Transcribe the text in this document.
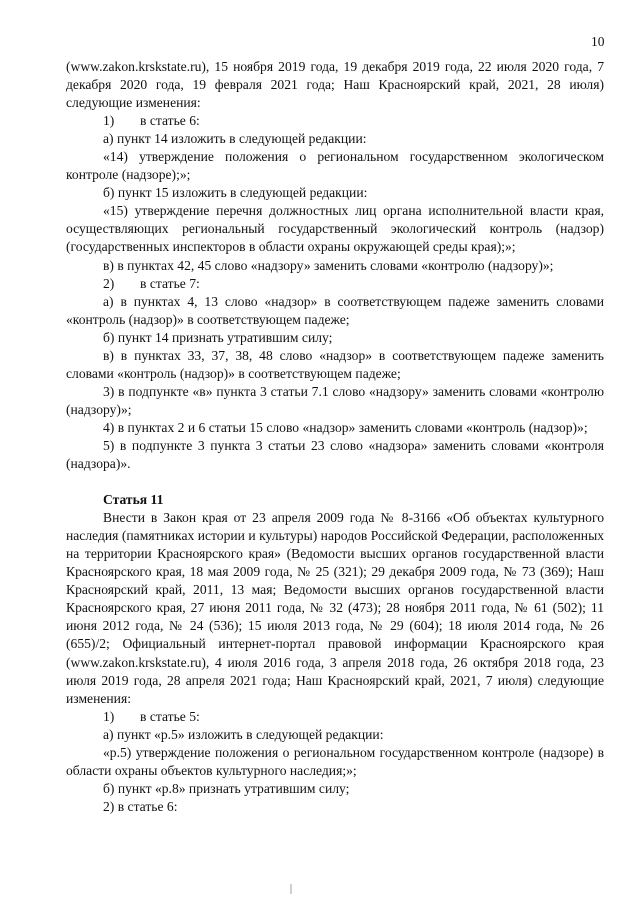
10

(www.zakon.krskstate.ru), 15 ноября 2019 года, 19 декабря 2019 года, 22 июля 2020 года, 7 декабря 2020 года, 19 февраля 2021 года; Наш Красноярский край, 2021, 28 июля) следующие изменения:

1) в статье 6:

а) пункт 14 изложить в следующей редакции:

«14) утверждение положения о региональном государственном экологическом контроле (надзоре);»;

б) пункт 15 изложить в следующей редакции:

«15) утверждение перечня должностных лиц органа исполнительной власти края, осуществляющих региональный государственный экологический контроль (надзор) (государственных инспекторов в области охраны окружающей среды края);»;

в) в пунктах 42, 45 слово «надзору» заменить словами «контролю (надзору)»;

2) в статье 7:

а) в пунктах 4, 13 слово «надзор» в соответствующем падеже заменить словами «контроль (надзор)» в соответствующем падеже;

б) пункт 14 признать утратившим силу;

в) в пунктах 33, 37, 38, 48 слово «надзор» в соответствующем падеже заменить словами «контроль (надзор)» в соответствующем падеже;

3) в подпункте «в» пункта 3 статьи 7.1 слово «надзору» заменить словами «контролю (надзору)»;

4) в пунктах 2 и 6 статьи 15 слово «надзор» заменить словами «контроль (надзор)»;

5) в подпункте 3 пункта 3 статьи 23 слово «надзора» заменить словами «контроля (надзора)».

Статья 11

Внести в Закон края от 23 апреля 2009 года № 8-3166 «Об объектах культурного наследия (памятниках истории и культуры) народов Российской Федерации, расположенных на территории Красноярского края» (Ведомости высших органов государственной власти Красноярского края, 18 мая 2009 года, № 25 (321); 29 декабря 2009 года, № 73 (369); Наш Красноярский край, 2011, 13 мая; Ведомости высших органов государственной власти Красноярского края, 27 июня 2011 года, № 32 (473); 28 ноября 2011 года, № 61 (502); 11 июня 2012 года, № 24 (536); 15 июля 2013 года, № 29 (604); 18 июля 2014 года, № 26 (655)/2; Официальный интернет-портал правовой информации Красноярского края (www.zakon.krskstate.ru), 4 июля 2016 года, 3 апреля 2018 года, 26 октября 2018 года, 23 июля 2019 года, 28 апреля 2021 года; Наш Красноярский край, 2021, 7 июля) следующие изменения:

1) в статье 5:

а) пункт «р.5» изложить в следующей редакции:

«р.5) утверждение положения о региональном государственном контроле (надзоре) в области охраны объектов культурного наследия;»;

б) пункт «р.8» признать утратившим силу;

2) в статье 6:
